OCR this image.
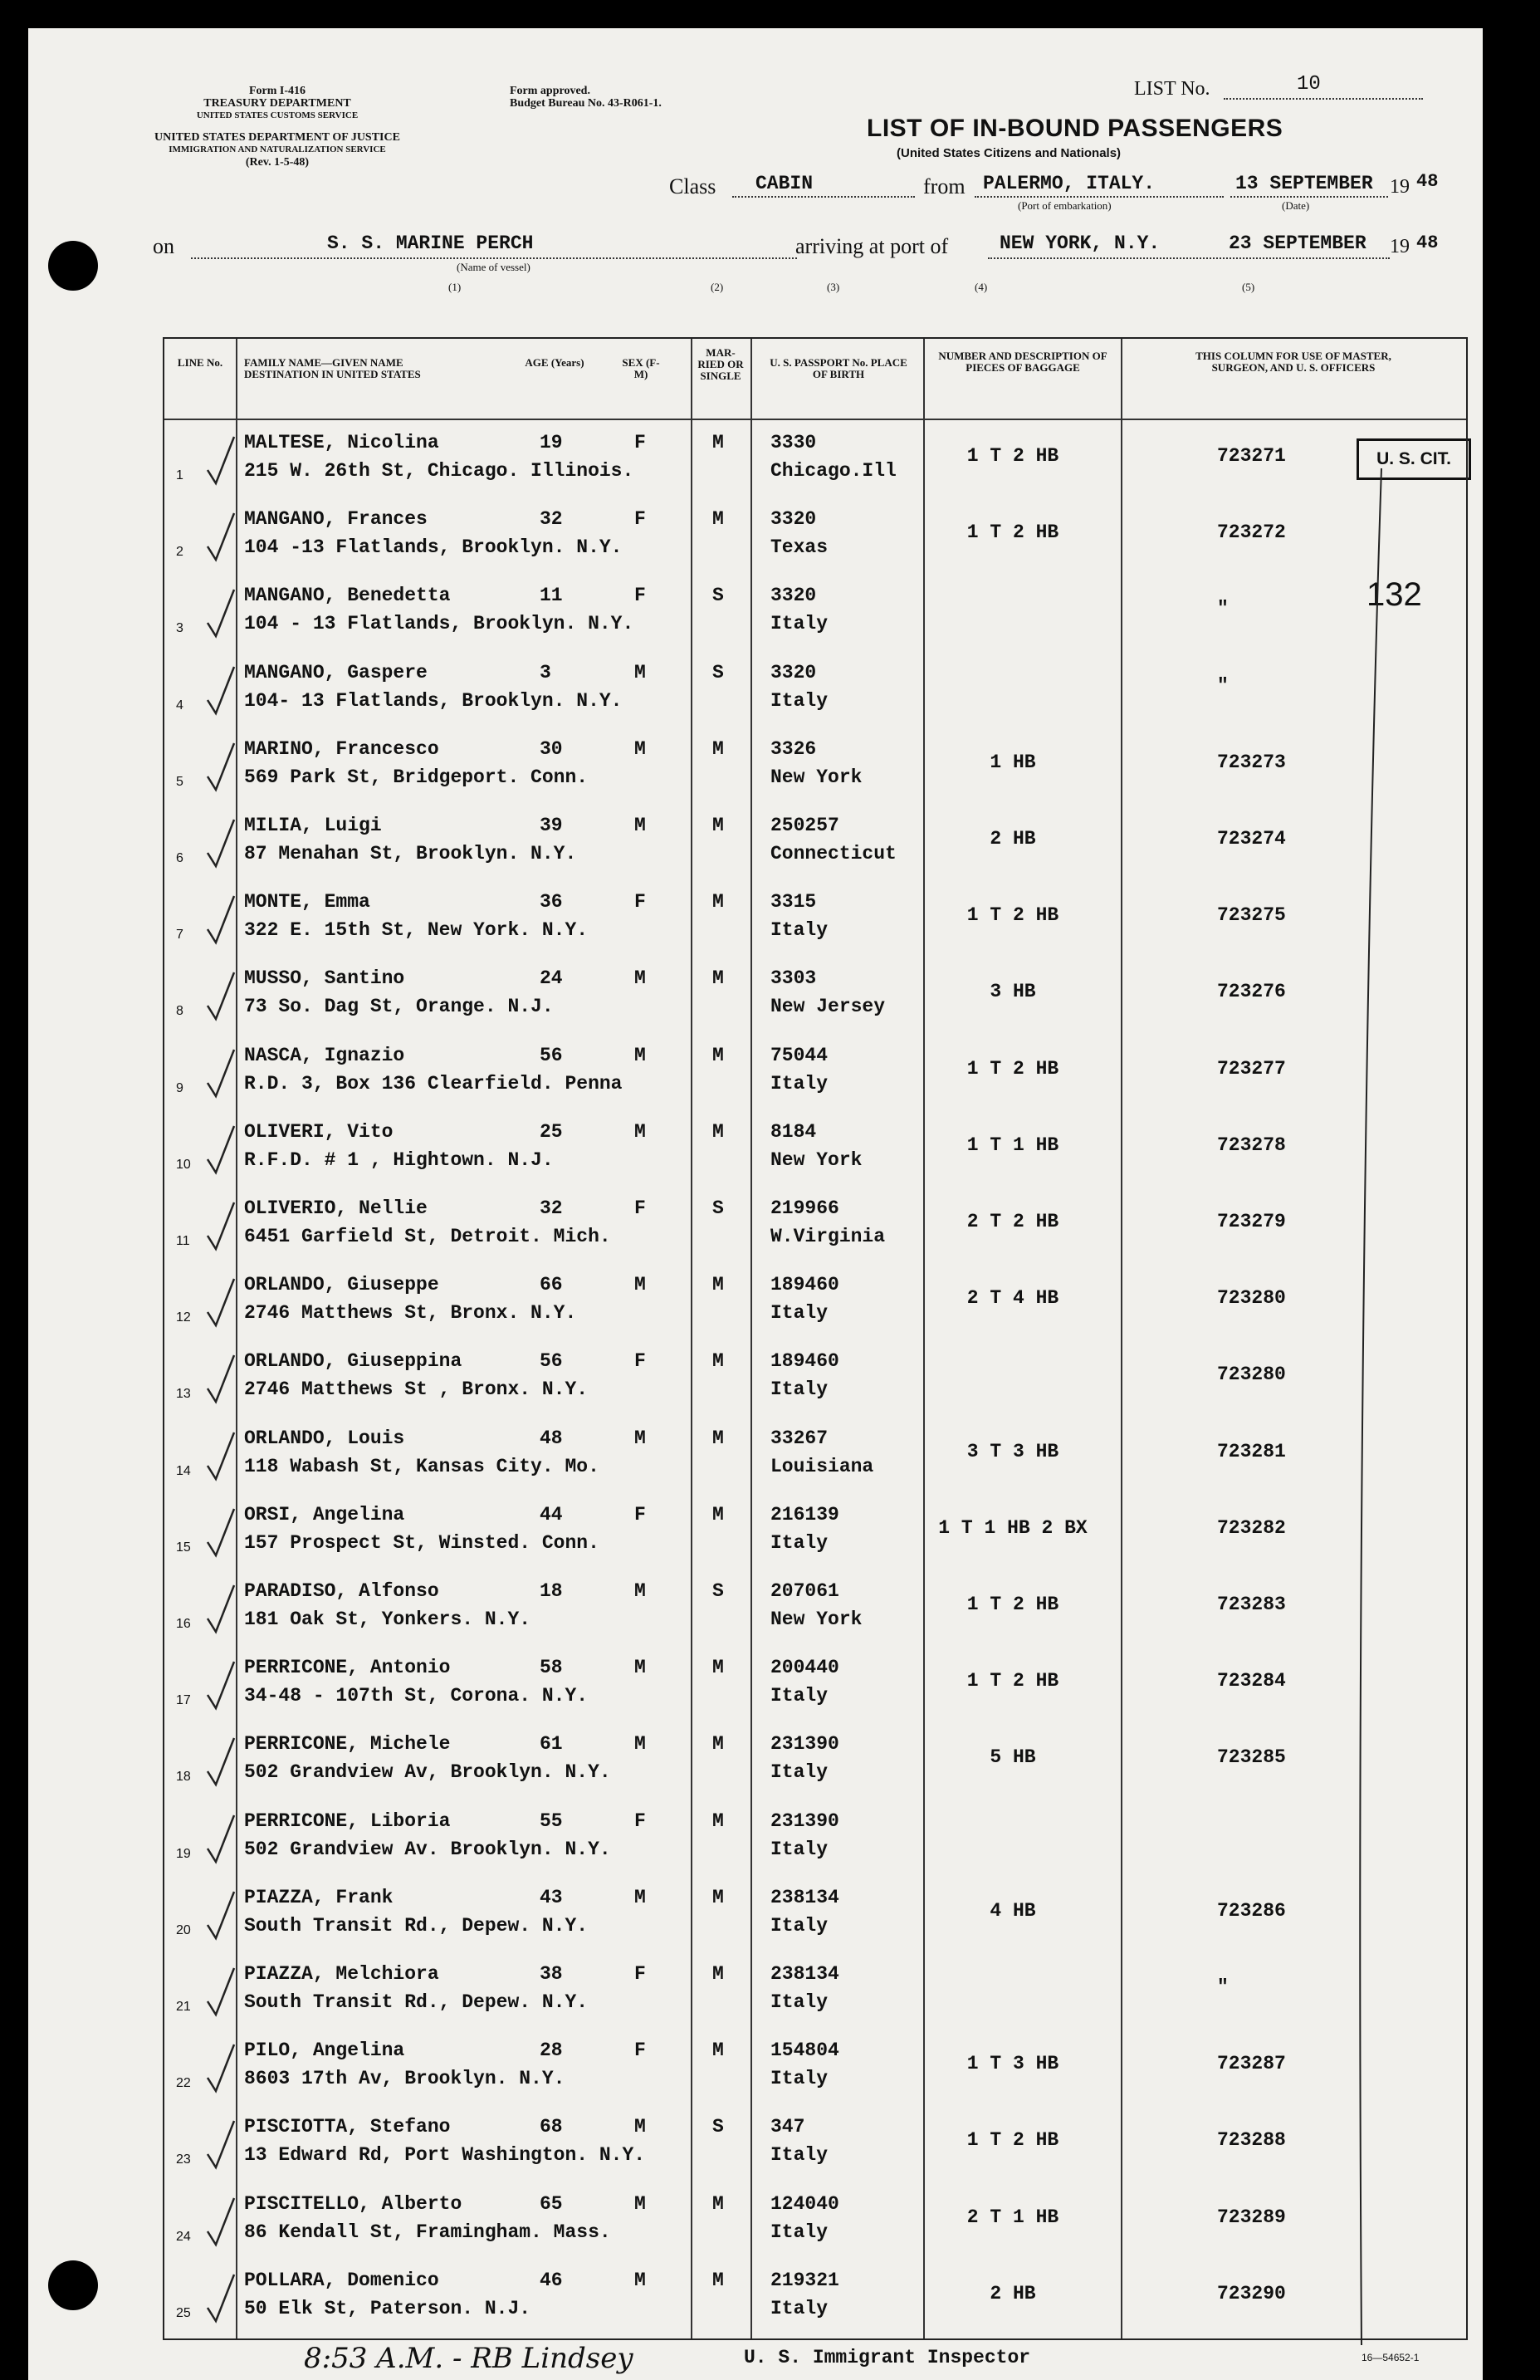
Form I-416
TREASURY DEPARTMENT
UNITED STATES CUSTOMS SERVICE
UNITED STATES DEPARTMENT OF JUSTICE
IMMIGRATION AND NATURALIZATION SERVICE
(Rev. 1-5-48)
Form approved.
Budget Bureau No. 43-R061-1.
LIST No.	10
LIST OF IN-BOUND PASSENGERS
(United States Citizens and Nationals)
Class CABIN	from PALERMO, ITALY.
(Port of embarkation)
13 SEPTEMBER
(Date)
19 48
on	S. S. MARINE PERCH
(Name of vessel)
arriving at port of	NEW YORK, N.Y.	23 SEPTEMBER 19 48
(1)	(2)	(3)	(4)	(5)
U. S. CIT.
132
LINE No.	FAMILY NAME—GIVEN NAME DESTINATION IN UNITED STATES
AGE (Years)	SEX (F-M)
MAR-RIED OR SINGLE
U. S. PASSPORT No. PLACE OF BIRTH
NUMBER AND DESCRIPTION OF PIECES OF BAGGAGE
THIS COLUMN FOR USE OF MASTER, SURGEON, AND U. S. OFFICERS
1
MALTESE, Nicolina
215 W. 26th St, Chicago. Illinois.
19	F	M 3330
Chicago.Ill
1 T 2 HB	723271
2
MANGANO, Frances
104 -13 Flatlands, Brooklyn. N.Y.
32	F	M 3320
Texas
1 T 2 HB	723272
3
MANGANO, Benedetta
104 - 13 Flatlands, Brooklyn. N.Y.
11	F	S 3320
Italy
"
4
MANGANO, Gaspere
104- 13 Flatlands, Brooklyn. N.Y.
3	M	S 3320
Italy
"
5
MARINO, Francesco
569 Park St, Bridgeport. Conn.
30	M	M 3326
New York
1 HB	723273
6
MILIA, Luigi
87 Menahan St, Brooklyn. N.Y.
39	M	M 250257
Connecticut
2 HB	723274
7
MONTE, Emma
322 E. 15th St, New York. N.Y.
36	F	M 3315
Italy
1 T 2 HB	723275
8
MUSSO, Santino
73 So. Dag St, Orange. N.J.
24	M	M 3303
New Jersey
3 HB	723276
9
NASCA, Ignazio
R.D. 3, Box 136 Clearfield. Penna
56	M	M 75044
Italy
1 T 2 HB	723277
10
OLIVERI, Vito
R.F.D. # 1 , Hightown. N.J.
25	M	M 8184
New York
1 T 1 HB	723278
11
OLIVERIO, Nellie
6451 Garfield St, Detroit. Mich.
32	F	S 219966
W.Virginia
2 T 2 HB	723279
12
ORLANDO, Giuseppe
2746 Matthews St, Bronx. N.Y.
66	M	M 189460
Italy
2 T 4 HB	723280
13
ORLANDO, Giuseppina
2746 Matthews St , Bronx. N.Y.
56	F	M 189460
Italy
723280
14
ORLANDO, Louis
118 Wabash St, Kansas City. Mo.
48	M	M 33267
Louisiana
3 T 3 HB	723281
15
ORSI, Angelina
157 Prospect St, Winsted. Conn.
44	F	M 216139
Italy
1 T 1 HB 2 BX	723282
16
PARADISO, Alfonso
181 Oak St, Yonkers. N.Y.
18	M	S 207061
New York
1 T 2 HB	723283
17
PERRICONE, Antonio
34-48 - 107th St, Corona. N.Y.
58	M	M 200440
Italy
1 T 2 HB	723284
18
PERRICONE, Michele
502 Grandview Av, Brooklyn. N.Y.
61	M	M 231390
Italy
5 HB	723285
19
PERRICONE, Liboria
502 Grandview Av. Brooklyn. N.Y.
55	F	M 231390
Italy
20
PIAZZA, Frank
South Transit Rd., Depew. N.Y.
43	M	M 238134
Italy
4 HB	723286
21
PIAZZA, Melchiora
South Transit Rd., Depew. N.Y.
38	F	M 238134
Italy
"
22
PILO, Angelina
8603 17th Av, Brooklyn. N.Y.
28	F	M 154804
Italy
1 T 3 HB	723287
23
PISCIOTTA, Stefano
13 Edward Rd, Port Washington. N.Y.
68	M	S 347
Italy
1 T 2 HB	723288
24
PISCITELLO, Alberto
86 Kendall St, Framingham. Mass.
65	M	M 124040
Italy
2 T 1 HB	723289
25
POLLARA, Domenico
50 Elk St, Paterson. N.J.
46	M	M 219321
Italy
2 HB	723290
8:53 A.M. - RB Lindsey	U. S. Immigrant Inspector	16—54652-1
